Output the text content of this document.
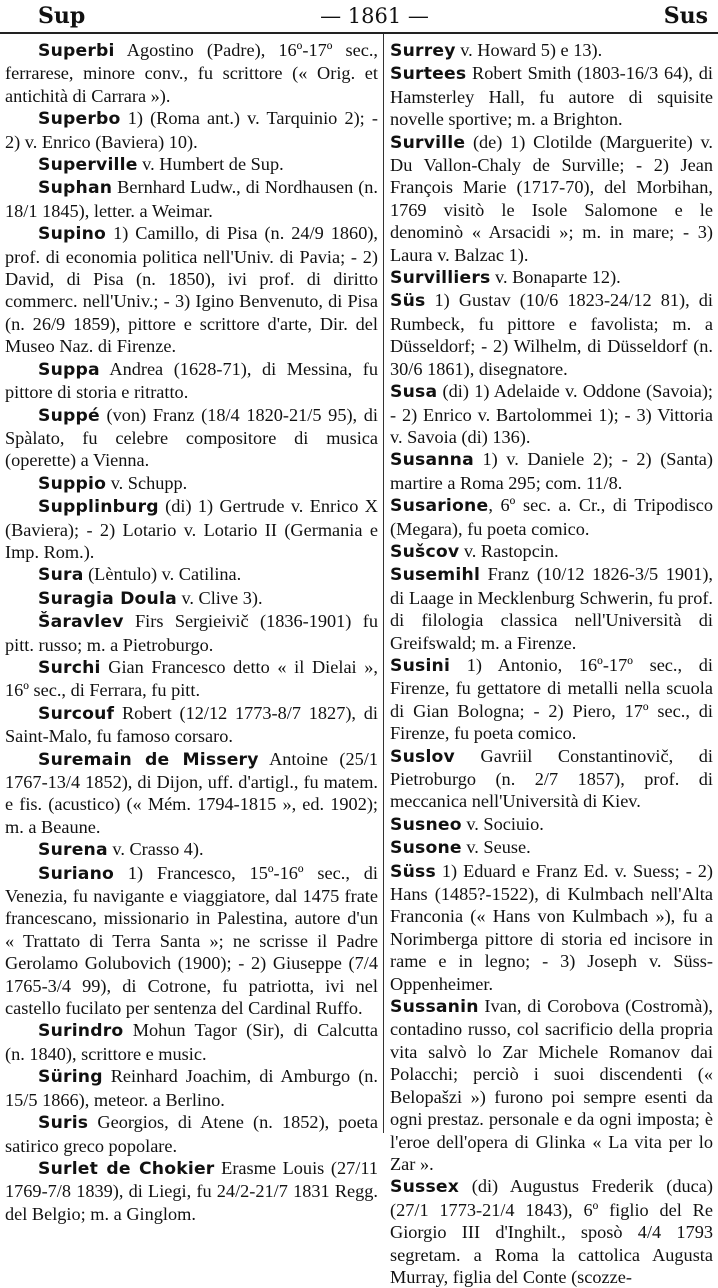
Sup	— 1861 —	Sus

Superbi Agostino (Padre), 16º-17º sec., ferrarese, minore conv., fu scrittore (« Orig. et antichità di Carrara »).

Superbo 1) (Roma ant.) v. Tarquinio 2); - 2) v. Enrico (Baviera) 10).

Superville v. Humbert de Sup.

Suphan Bernhard Ludw., di Nordhausen (n. 18/1 1845), letter. a Weimar.

Supino 1) Camillo, di Pisa (n. 24/9 1860), prof. di economia politica nell'Univ. di Pavia; - 2) David, di Pisa (n. 1850), ivi prof. di diritto commerc. nell'Univ.; - 3) Igino Benvenuto, di Pisa (n. 26/9 1859), pittore e scrittore d'arte, Dir. del Museo Naz. di Firenze.

Suppa Andrea (1628-71), di Messina, fu pittore di storia e ritratto.

Suppé (von) Franz (18/4 1820-21/5 95), di Spàlato, fu celebre compositore di musica (operette) a Vienna.

Suppio v. Schupp.

Supplinburg (di) 1) Gertrude v. Enrico X (Baviera); - 2) Lotario v. Lotario II (Germania e Imp. Rom.).

Sura (Lèntulo) v. Catilina.

Suragia Doula v. Clive 3).

Šaravlev Firs Sergieivič (1836-1901) fu pitt. russo; m. a Pietroburgo.

Surchi Gian Francesco detto « il Dielai », 16º sec., di Ferrara, fu pitt.

Surcouf Robert (12/12 1773-8/7 1827), di Saint-Malo, fu famoso corsaro.

Suremain de Missery Antoine (25/1 1767-13/4 1852), di Dijon, uff. d'artigl., fu matem. e fis. (acustico) (« Mém. 1794-1815 », ed. 1902); m. a Beaune.

Surena v. Crasso 4).

Suriano 1) Francesco, 15º-16º sec., di Venezia, fu navigante e viaggiatore, dal 1475 frate francescano, missionario in Palestina, autore d'un « Trattato di Terra Santa »; ne scrisse il Padre Gerolamo Golubovich (1900); - 2) Giuseppe (7/4 1765-3/4 99), di Cotrone, fu patriotta, ivi nel castello fucilato per sentenza del Cardinal Ruffo.

Surindro Mohun Tagor (Sir), di Calcutta (n. 1840), scrittore e music.

Süring Reinhard Joachim, di Amburgo (n. 15/5 1866), meteor. a Berlino.

Suris Georgios, di Atene (n. 1852), poeta satirico greco popolare.

Surlet de Chokier Erasme Louis (27/11 1769-7/8 1839), di Liegi, fu 24/2-21/7 1831 Regg. del Belgio; m. a Ginglom.

Surrey v. Howard 5) e 13).

Surtees Robert Smith (1803-16/3 64), di Hamsterley Hall, fu autore di squisite novelle sportive; m. a Brighton.

Surville (de) 1) Clotilde (Marguerite) v. Du Vallon-Chaly de Surville; - 2) Jean François Marie (1717-70), del Morbihan, 1769 visitò le Isole Salomone e le denominò « Arsacidi »; m. in mare; - 3) Laura v. Balzac 1).

Survilliers v. Bonaparte 12).

Süs 1) Gustav (10/6 1823-24/12 81), di Rumbeck, fu pittore e favolista; m. a Düsseldorf; - 2) Wilhelm, di Düsseldorf (n. 30/6 1861), disegnatore.

Susa (di) 1) Adelaide v. Oddone (Savoia); - 2) Enrico v. Bartolommei 1); - 3) Vittoria v. Savoia (di) 136).

Susanna 1) v. Daniele 2); - 2) (Santa) martire a Roma 295; com. 11/8.

Susarione, 6º sec. a. Cr., di Tripodisco (Megara), fu poeta comico.

Sušcov v. Rastopcin.

Susemihl Franz (10/12 1826-3/5 1901), di Laage in Mecklenburg Schwerin, fu prof. di filologia classica nell'Università di Greifswald; m. a Firenze.

Susini 1) Antonio, 16º-17º sec., di Firenze, fu gettatore di metalli nella scuola di Gian Bologna; - 2) Piero, 17º sec., di Firenze, fu poeta comico.

Suslov Gavriil Constantinovič, di Pietroburgo (n. 2/7 1857), prof. di meccanica nell'Università di Kiev.

Susneo v. Sociuio.

Susone v. Seuse.

Süss 1) Eduard e Franz Ed. v. Suess; - 2) Hans (1485?-1522), di Kulmbach nell'Alta Franconia (« Hans von Kulmbach »), fu a Norimberga pittore di storia ed incisore in rame e in legno; - 3) Joseph v. Süss-Oppenheimer.

Sussanin Ivan, di Corobova (Costromà), contadino russo, col sacrificio della propria vita salvò lo Zar Michele Romanov dai Polacchi; perciò i suoi discendenti (« Belopašzi ») furono poi sempre esenti da ogni prestaz. personale e da ogni imposta; è l'eroe dell'opera di Glinka « La vita per lo Zar ».

Sussex (di) Augustus Frederik (duca) (27/1 1773-21/4 1843), 6º figlio del Re Giorgio III d'Inghilt., sposò 4/4 1793 segretam. a Roma la cattolica Augusta Murray, figlia del Conte (scozze-
